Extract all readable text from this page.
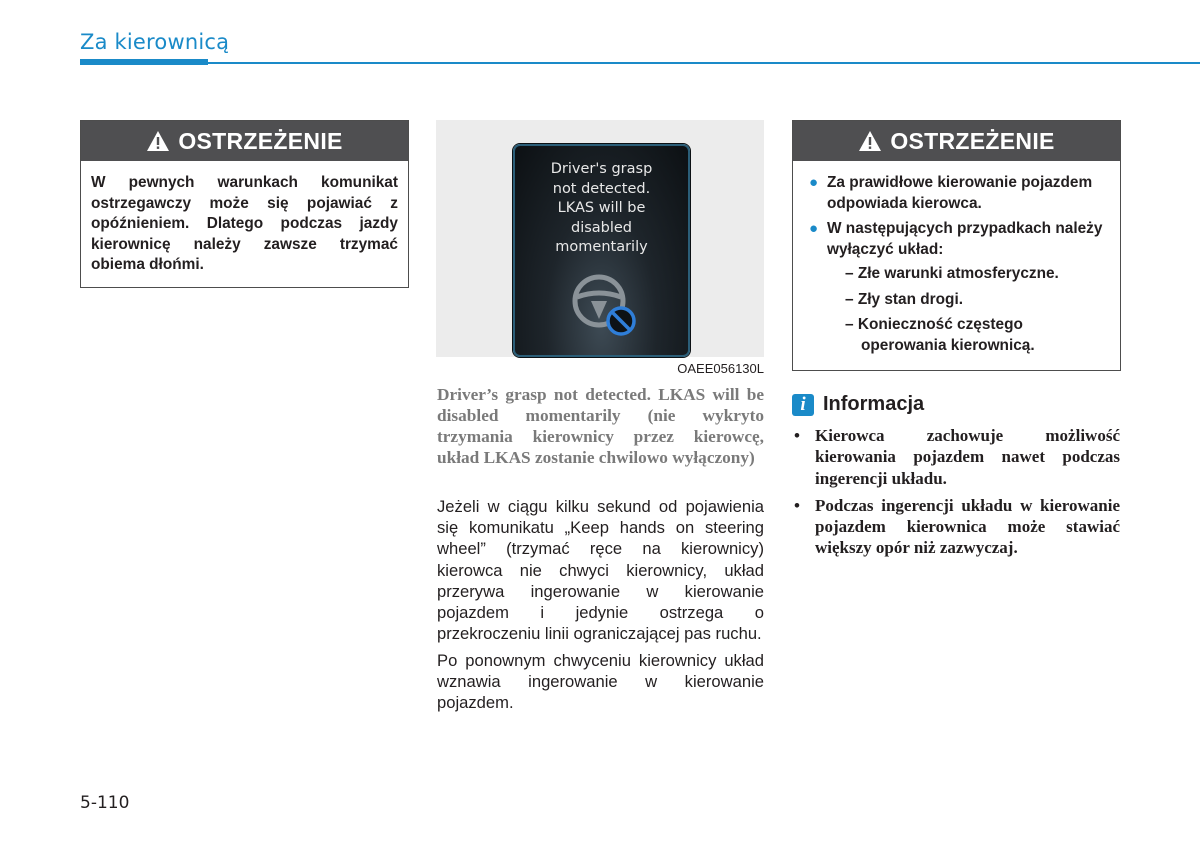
Za kierownicą
OSTRZEŻENIE
W pewnych warunkach komunikat ostrzegawczy może się pojawiać z opóźnieniem. Dlatego podczas jazdy kierownicę należy zawsze trzymać obiema dłońmi.
Driver's grasp
not detected.
LKAS will be
disabled
momentarily
OAEE056130L
Driver’s grasp not detected. LKAS will be disabled momentarily (nie wykryto trzymania kierownicy przez kierowcę, układ LKAS zostanie chwilowo wyłączony)
Jeżeli w ciągu kilku sekund od pojawienia się komunikatu „Keep hands on steering wheel” (trzymać ręce na kierownicy) kierowca nie chwyci kierownicy, układ przerywa ingerowanie w kierowanie pojazdem i jedynie ostrzega o przekroczeniu linii ograniczającej pas ruchu.
Po ponownym chwyceniu kierownicy układ wznawia ingerowanie w kierowanie pojazdem.
OSTRZEŻENIE
● Za prawidłowe kierowanie pojazdem odpowiada kierowca.
● W następujących przypadkach należy wyłączyć układ:
– Złe warunki atmosferyczne.
– Zły stan drogi.
– Konieczność częstego operowania kierownicą.
i Informacja
• Kierowca zachowuje możliwość kierowania pojazdem nawet podczas ingerencji układu.
• Podczas ingerencji układu w kierowanie pojazdem kierownica może stawiać większy opór niż zazwyczaj.
5-110
